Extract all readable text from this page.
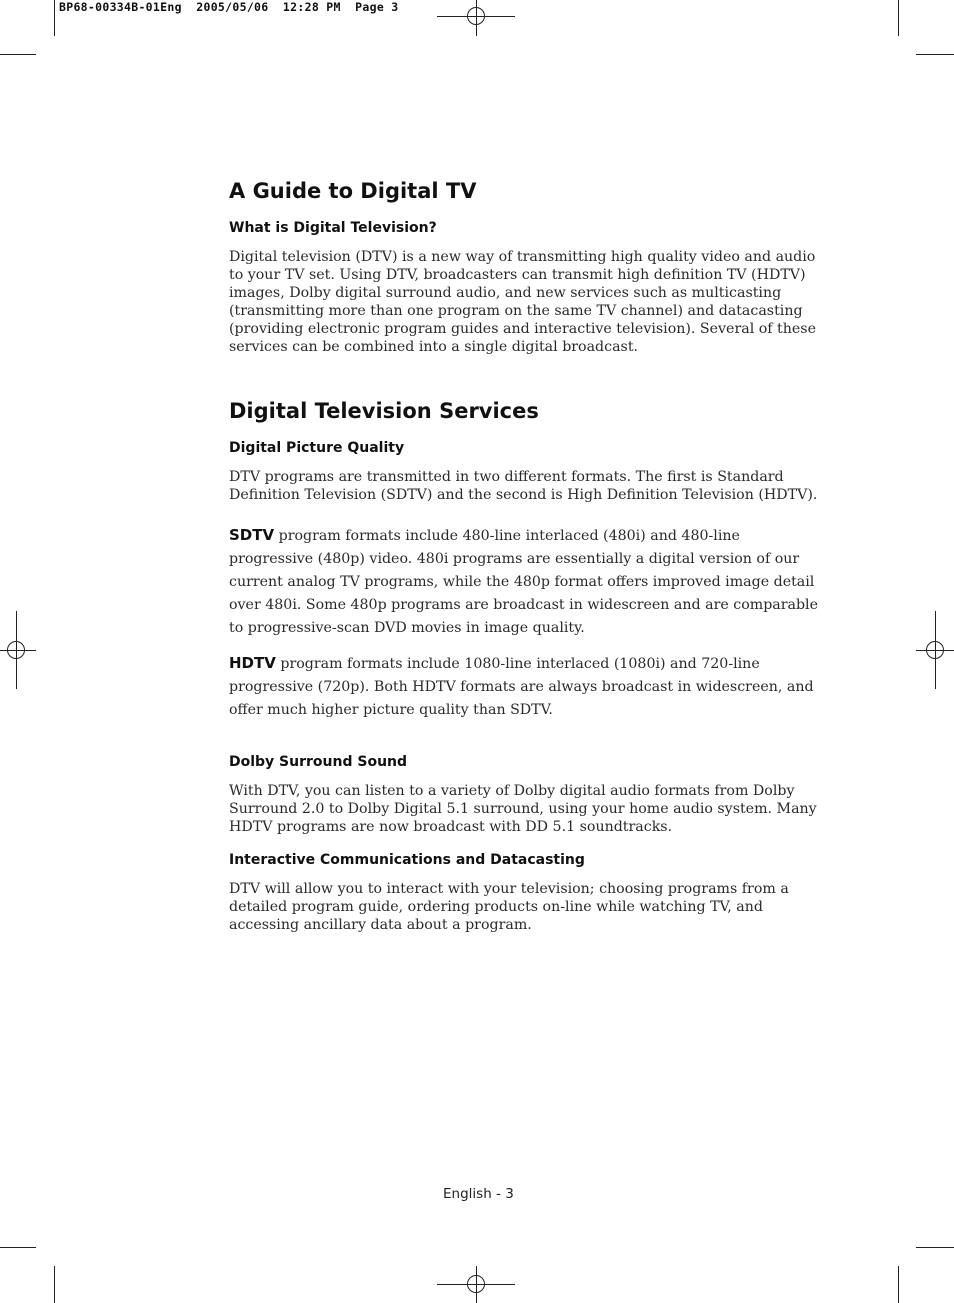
BP68-00334B-01Eng  2005/05/06  12:28 PM  Page 3
A Guide to Digital TV
What is Digital Television?

Digital television (DTV) is a new way of transmitting high quality video and audio to your TV set. Using DTV, broadcasters can transmit high definition TV (HDTV) images, Dolby digital surround audio, and new services such as multicasting (transmitting more than one program on the same TV channel) and datacasting (providing electronic program guides and interactive television). Several of these services can be combined into a single digital broadcast.

Digital Television Services
Digital Picture Quality

DTV programs are transmitted in two different formats. The first is Standard Definition Television (SDTV) and the second is High Definition Television (HDTV).

SDTV program formats include 480-line interlaced (480i) and 480-line progressive (480p) video. 480i programs are essentially a digital version of our current analog TV programs, while the 480p format offers improved image detail over 480i. Some 480p programs are broadcast in widescreen and are comparable to progressive-scan DVD movies in image quality.

HDTV program formats include 1080-line interlaced (1080i) and 720-line progressive (720p). Both HDTV formats are always broadcast in widescreen, and offer much higher picture quality than SDTV.

Dolby Surround Sound

With DTV, you can listen to a variety of Dolby digital audio formats from Dolby Surround 2.0 to Dolby Digital 5.1 surround, using your home audio system. Many HDTV programs are now broadcast with DD 5.1 soundtracks.

Interactive Communications and Datacasting

DTV will allow you to interact with your television; choosing programs from a detailed program guide, ordering products on-line while watching TV, and accessing ancillary data about a program.

English - 3
